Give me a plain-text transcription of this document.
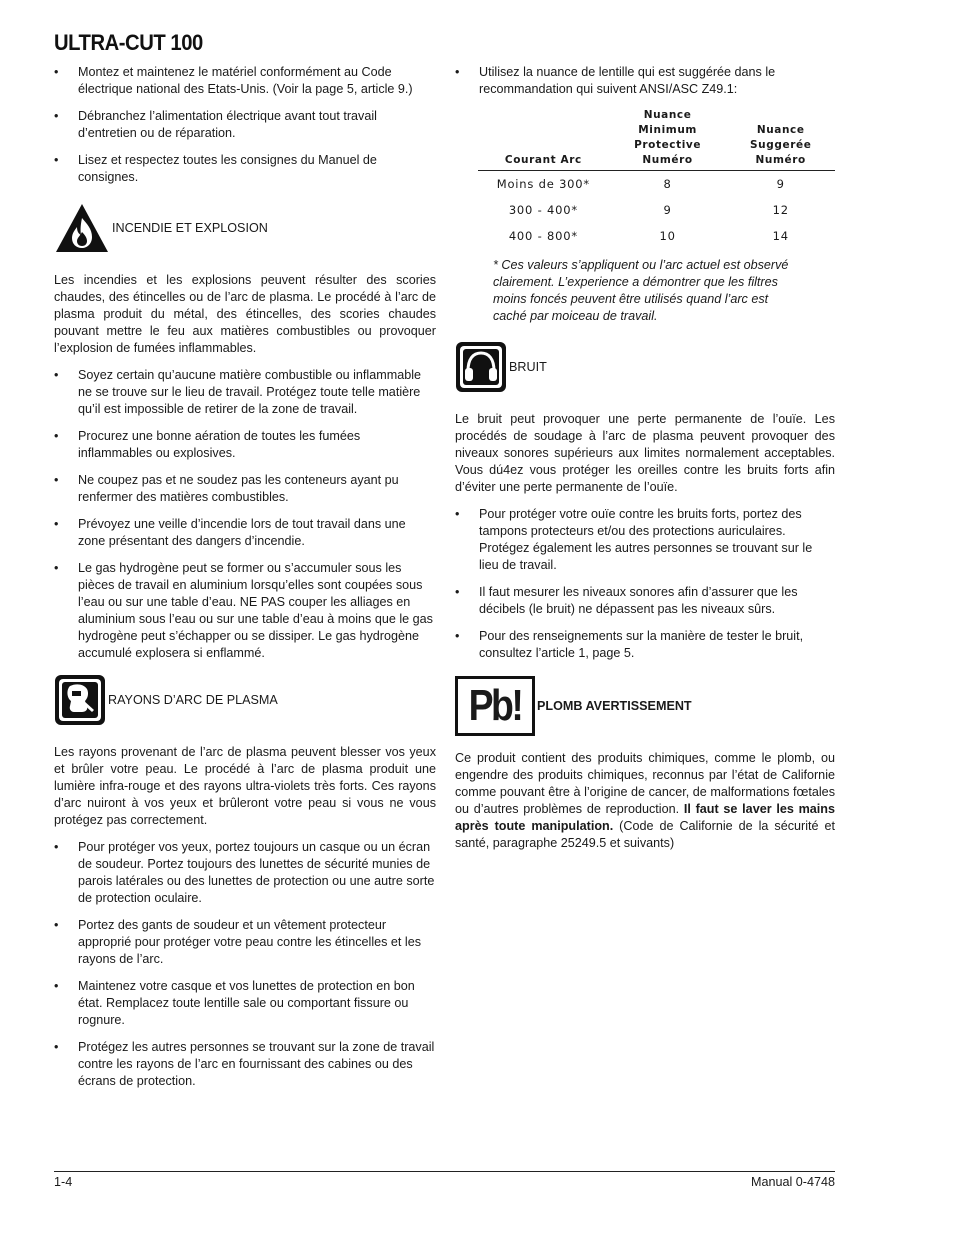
ULTRA-CUT 100
• Montez et maintenez le matériel conformément au Code électrique national des Etats-Unis. (Voir la page 5, article 9.)
• Débranchez l’alimentation électrique avant tout travail d’entretien ou de réparation.
• Lisez et respectez toutes les consignes du Manuel de consignes.
INCENDIE ET EXPLOSION

Les incendies et les explosions peuvent résulter des scories chaudes, des étincelles ou de l’arc de plasma. Le procédé à l’arc de plasma produit du métal, des étincelles, des scories chaudes pouvant mettre le feu aux matières combustibles ou provoquer l’explosion de fumées inflammables.

• Soyez certain qu’aucune matière combustible ou inflammable ne se trouve sur le lieu de travail. Protégez toute telle matière qu’il est impossible de retirer de la zone de travail.
• Procurez une bonne aération de toutes les fumées inflammables ou explosives.
• Ne coupez pas et ne soudez pas les conteneurs ayant pu renfermer des matières combustibles.
• Prévoyez une veille d’incendie lors de tout travail dans une zone présentant des dangers d’incendie.
• Le gas hydrogène peut se former ou s’accumuler sous les pièces de travail en aluminium lorsqu’elles sont coupées sous l’eau ou sur une table d’eau. NE PAS couper les alliages en aluminium sous l’eau ou sur une table d’eau à moins que le gas hydrogène peut s’échapper ou se dissiper. Le gas hydrogène accumulé explosera si enflammé.
RAYONS D’ARC DE PLASMA

Les rayons provenant de l’arc de plasma peuvent blesser vos yeux et brûler votre peau. Le procédé à l’arc de plasma produit une lumière infra-rouge et des rayons ultra-violets très forts. Ces rayons d’arc nuiront à vos yeux et brûleront votre peau si vous ne vous protégez pas correctement.

• Pour protéger vos yeux, portez toujours un casque ou un écran de soudeur. Portez toujours des lunettes de sécurité munies de parois latérales ou des lunettes de protection ou une autre sorte de protection oculaire.
• Portez des gants de soudeur et un vêtement protecteur approprié pour protéger votre peau contre les étincelles et les rayons de l’arc.
• Maintenez votre casque et vos lunettes de protection en bon état. Remplacez toute lentille sale ou comportant fissure ou rognure.
• Protégez les autres personnes se trouvant sur la zone de travail contre les rayons de l’arc en fournissant des cabines ou des écrans de protection.
• Utilisez la nuance de lentille qui est suggérée dans le recommandation qui suivent ANSI/ASC Z49.1:
Courant Arc	Nuance Minimum Protective Numéro	Nuance Suggerée Numéro
Moins de 300*	8	9
300 - 400*	9	12
400 - 800*	10	14

* Ces valeurs s’appliquent ou l’arc actuel est observé clairement. L’experience a démontrer que les filtres moins foncés peuvent être utilisés quand l’arc est caché par moiceau de travail.

BRUIT

Le bruit peut provoquer une perte permanente de l’ouïe. Les procédés de soudage à l’arc de plasma peuvent provoquer des niveaux sonores supérieurs aux limites normalement acceptables. Vous dú4ez vous protéger les oreilles contre les bruits forts afin d’éviter une perte permanente de l’ouïe.

• Pour protéger votre ouïe contre les bruits forts, portez des tampons protecteurs et/ou des protections auriculaires. Protégez également les autres personnes se trouvant sur le lieu de travail.
• Il faut mesurer les niveaux sonores afin d’assurer que les décibels (le bruit) ne dépassent pas les niveaux sûrs.
• Pour des renseignements sur la manière de tester le bruit, consultez l’article 1, page 5.
Pb! PLOMB AVERTISSEMENT

Ce produit contient des produits chimiques, comme le plomb, ou engendre des produits chimiques, reconnus par l’état de Californie comme pouvant être à l’origine de cancer, de malformations fœtales ou d’autres problèmes de reproduction. Il faut se laver les mains après toute manipulation. (Code de Californie de la sécurité et santé, paragraphe 25249.5 et suivants)

1-4	Manual 0-4748
